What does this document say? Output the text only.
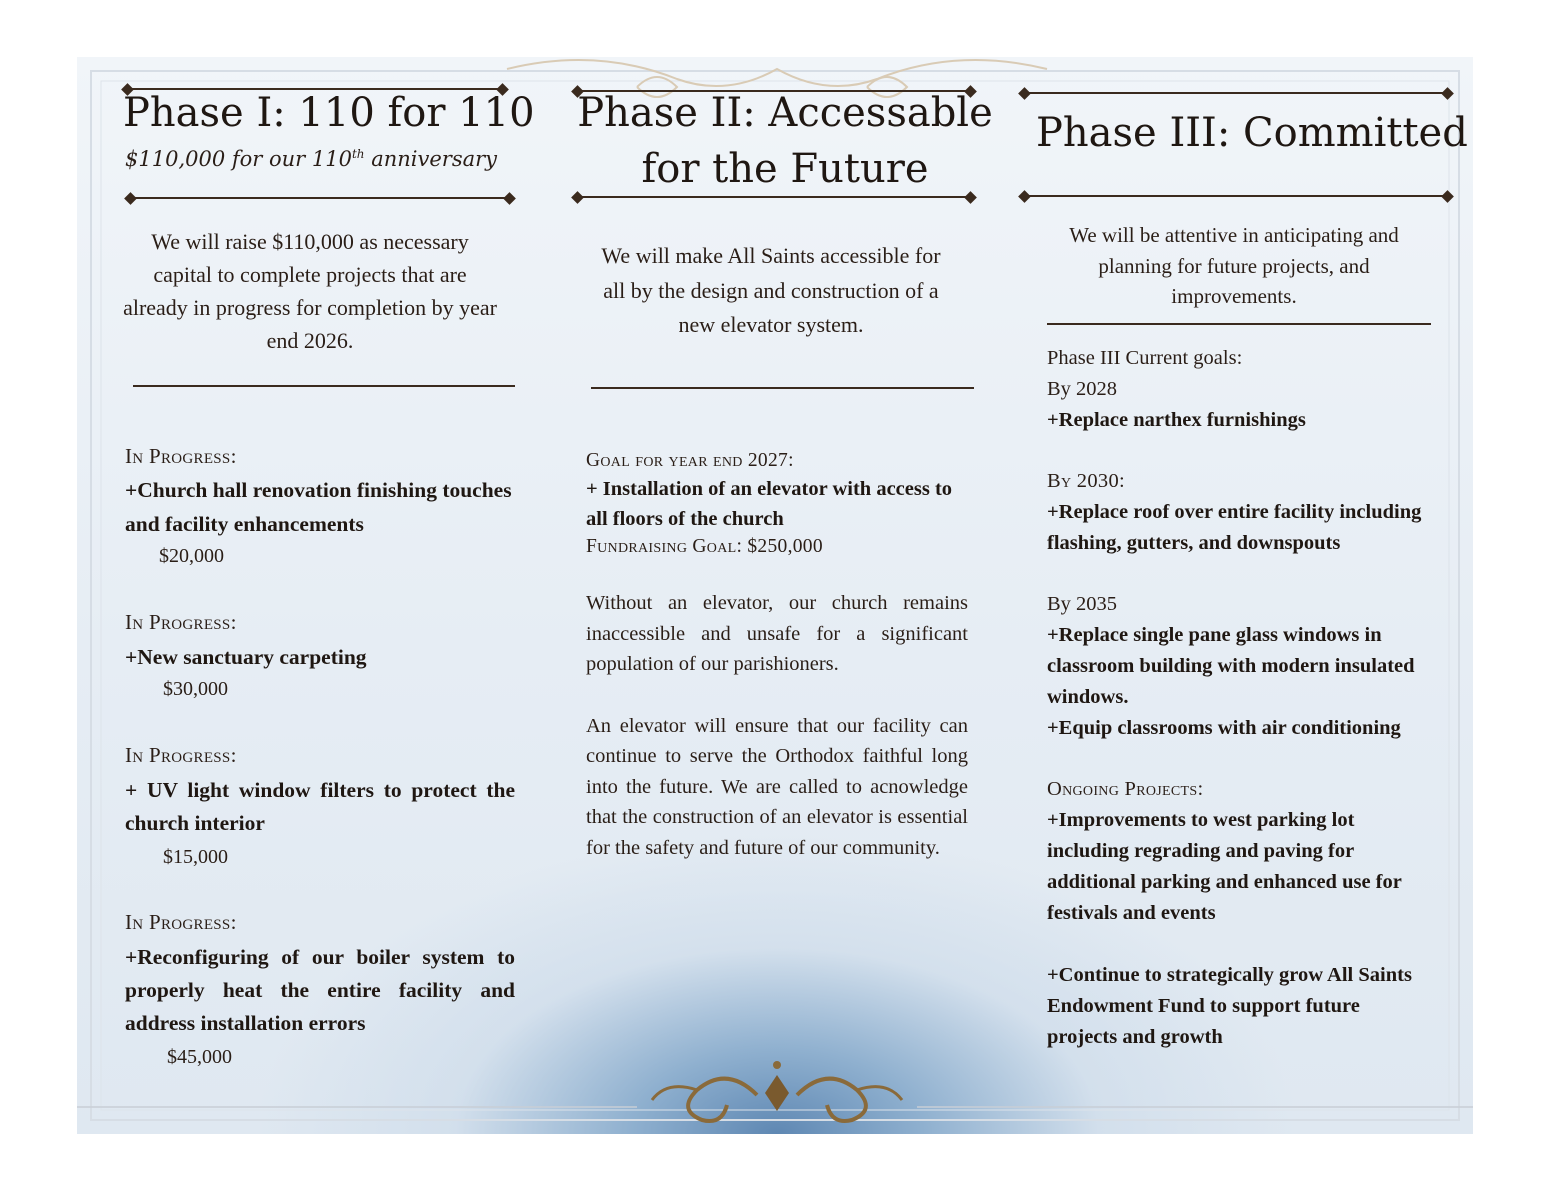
Phase I: 110 for 110
$110,000 for our 110th anniversary
We will raise $110,000 as necessary capital to complete projects that are already in progress for completion by year end 2026.
In Progress:
+Church hall renovation finishing touches and facility enhancements
$20,000
In Progress:
+New sanctuary carpeting
$30,000
In Progress:
+ UV light window filters to protect the church interior
$15,000
In Progress:
+Reconfiguring of our boiler system to properly heat the entire facility and address installation errors
$45,000
Phase II: Accessable
for the Future
We will make All Saints accessible for all by the design and construction of a new elevator system.
Goal for year end 2027:
+ Installation of an elevator with access to all floors of the church
Fundraising Goal: $250,000
Without an elevator, our church remains inaccessible and unsafe for a significant population of our parishioners.
An elevator will ensure that our facility can continue to serve the Orthodox faithful long into the future. We are called to acnowledge that the construction of an elevator is essential for the safety and future of our community.
Phase III: Committed
We will be attentive in anticipating and planning for future projects, and improvements.
Phase III Current goals:
By 2028
+Replace narthex furnishings
By 2030:
+Replace roof over entire facility including flashing, gutters, and downspouts
By 2035
+Replace single pane glass windows in classroom building with modern insulated windows.
+Equip classrooms with air conditioning
Ongoing Projects:
+Improvements to west parking lot including regrading and paving for additional parking and enhanced use for festivals and events
+Continue to strategically grow All Saints Endowment Fund to support future projects and growth
